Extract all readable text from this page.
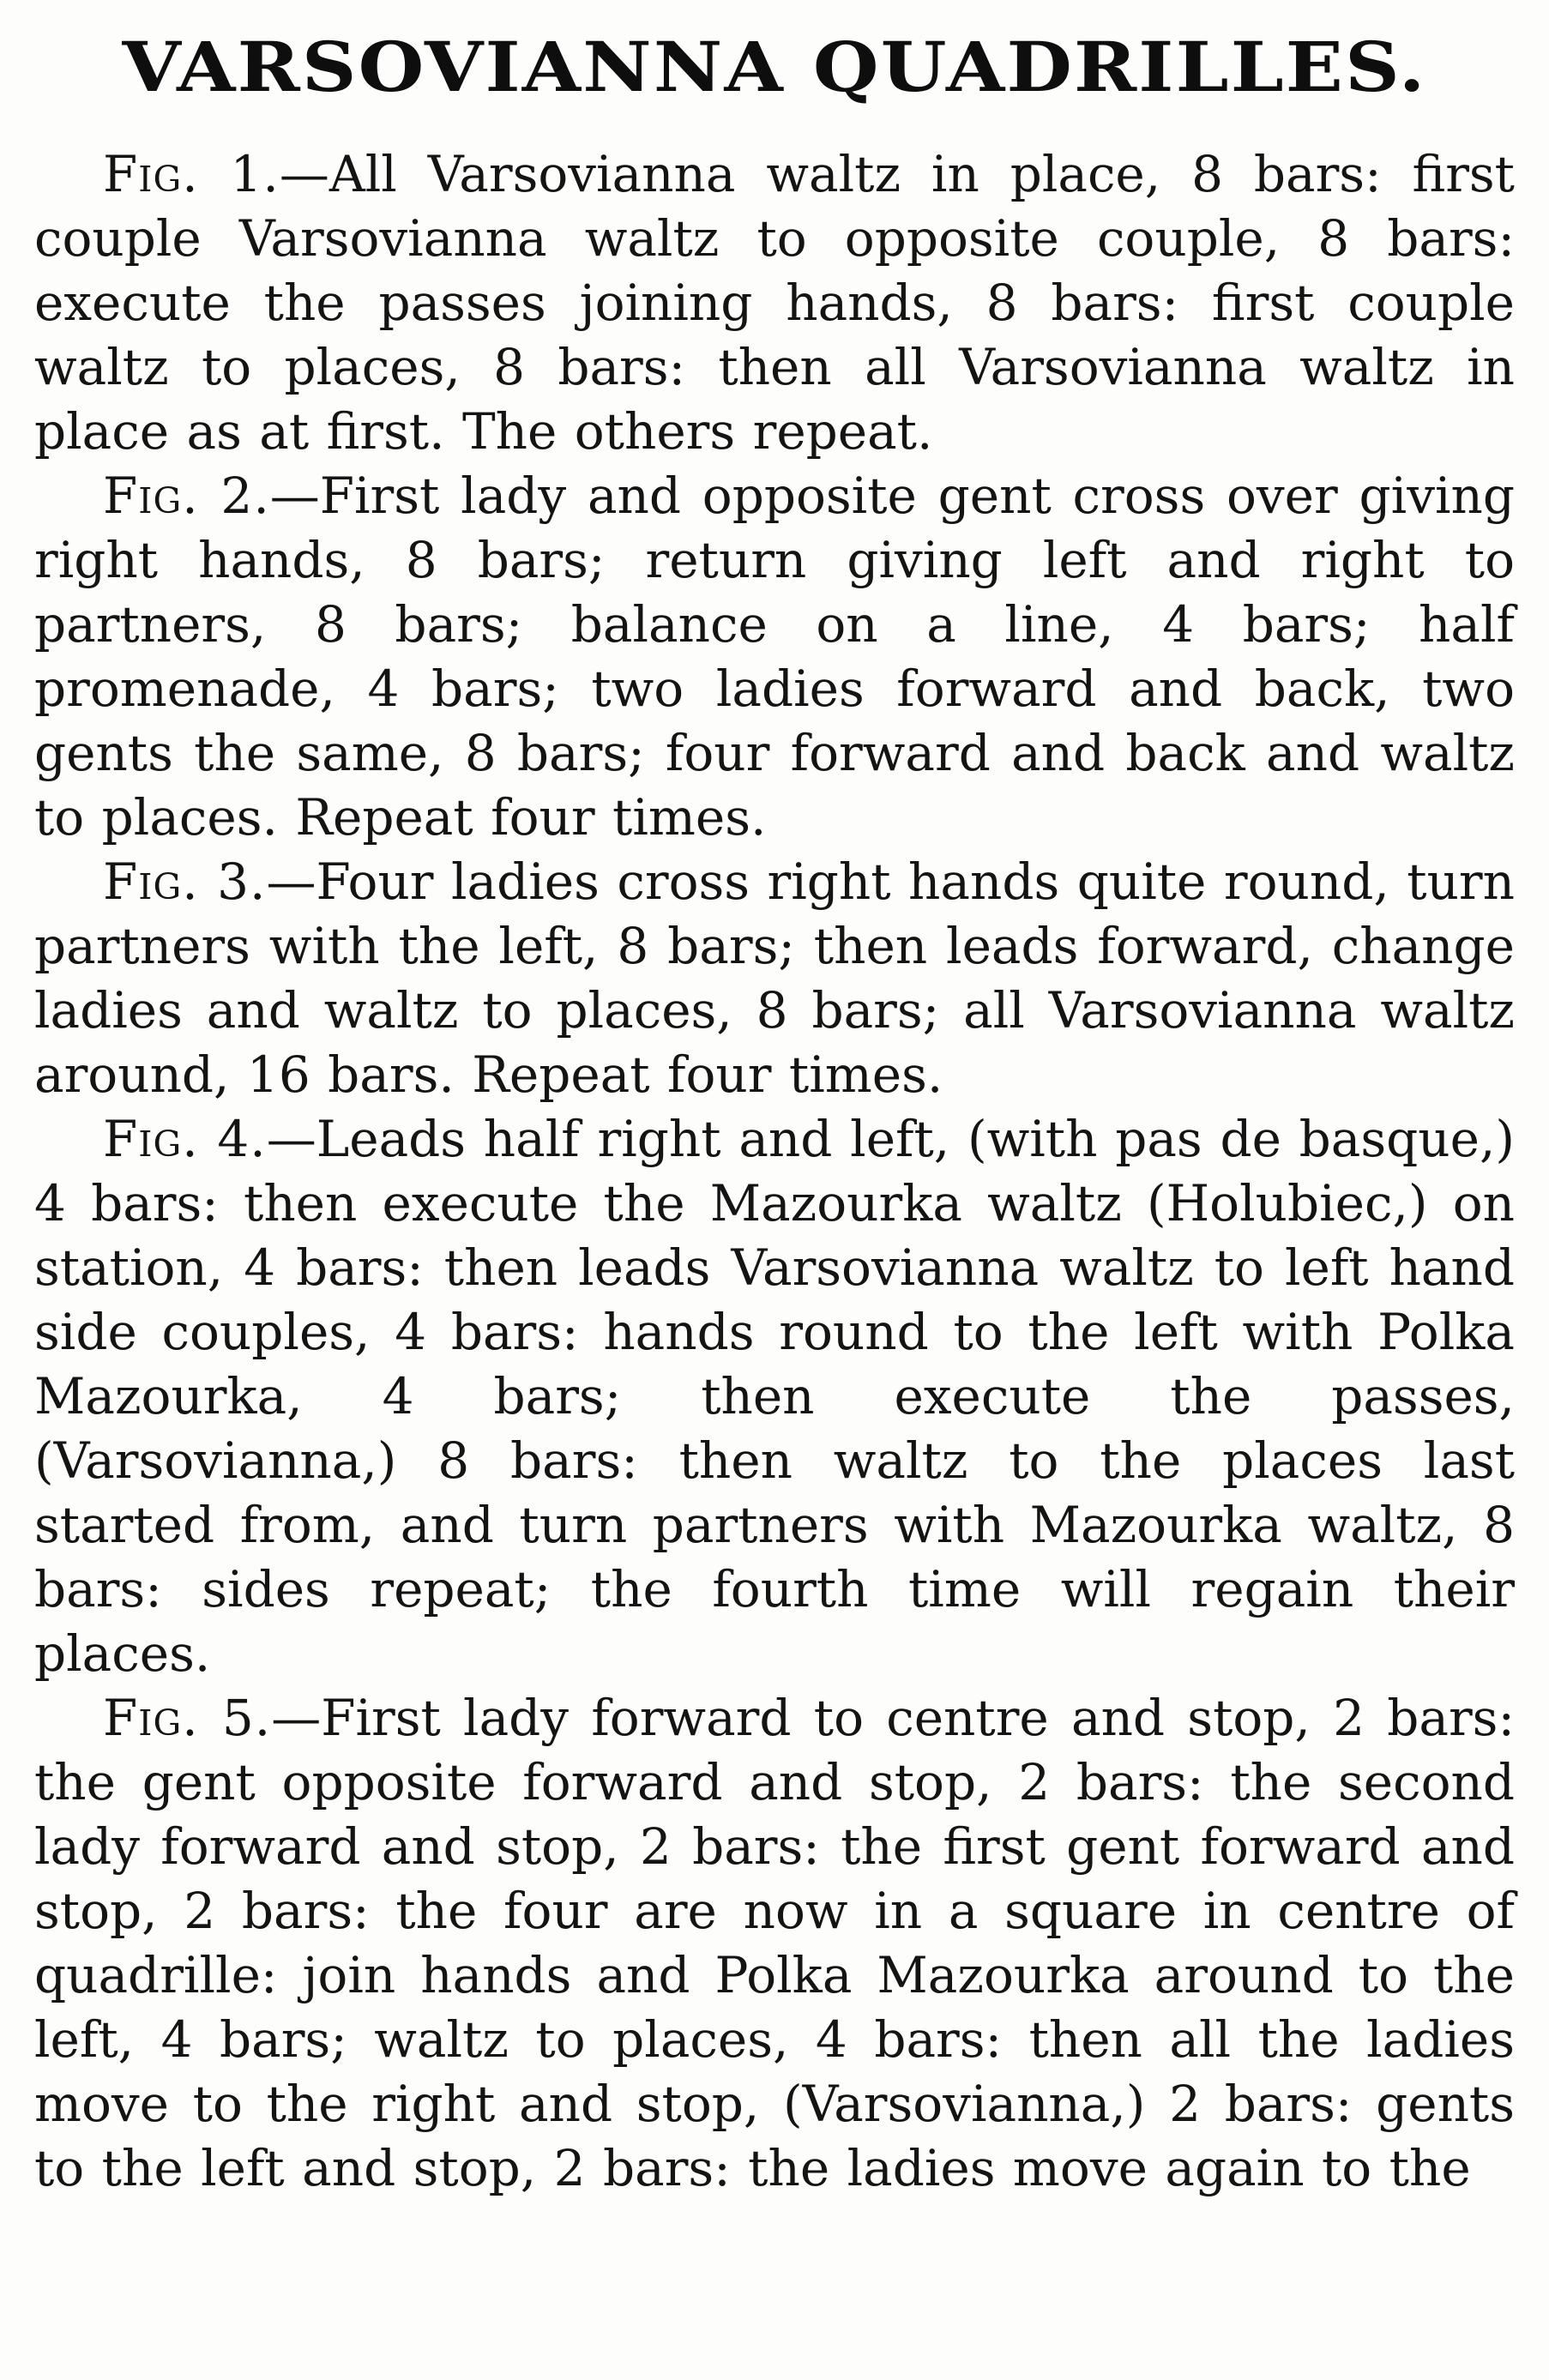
VARSOVIANNA QUADRILLES.

Fig. 1.—All Varsovianna waltz in place, 8 bars: first couple Varsovianna waltz to opposite couple, 8 bars: execute the passes joining hands, 8 bars: first couple waltz to places, 8 bars: then all Varsovianna waltz in place as at first. The others repeat.

Fig. 2.—First lady and opposite gent cross over giving right hands, 8 bars; return giving left and right to partners, 8 bars; balance on a line, 4 bars; half promenade, 4 bars; two ladies forward and back, two gents the same, 8 bars; four forward and back and waltz to places. Repeat four times.

Fig. 3.—Four ladies cross right hands quite round, turn partners with the left, 8 bars; then leads forward, change ladies and waltz to places, 8 bars; all Varsovianna waltz around, 16 bars. Repeat four times.

Fig. 4.—Leads half right and left, (with pas de basque,) 4 bars: then execute the Mazourka waltz (Holubiec,) on station, 4 bars: then leads Varsovianna waltz to left hand side couples, 4 bars: hands round to the left with Polka Mazourka, 4 bars; then execute the passes, (Varsovianna,) 8 bars: then waltz to the places last started from, and turn partners with Mazourka waltz, 8 bars: sides repeat; the fourth time will regain their places.

Fig. 5.—First lady forward to centre and stop, 2 bars: the gent opposite forward and stop, 2 bars: the second lady forward and stop, 2 bars: the first gent forward and stop, 2 bars: the four are now in a square in centre of quadrille: join hands and Polka Mazourka around to the left, 4 bars; waltz to places, 4 bars: then all the ladies move to the right and stop, (Varsovianna,) 2 bars: gents to the left and stop, 2 bars: the ladies move again to the
